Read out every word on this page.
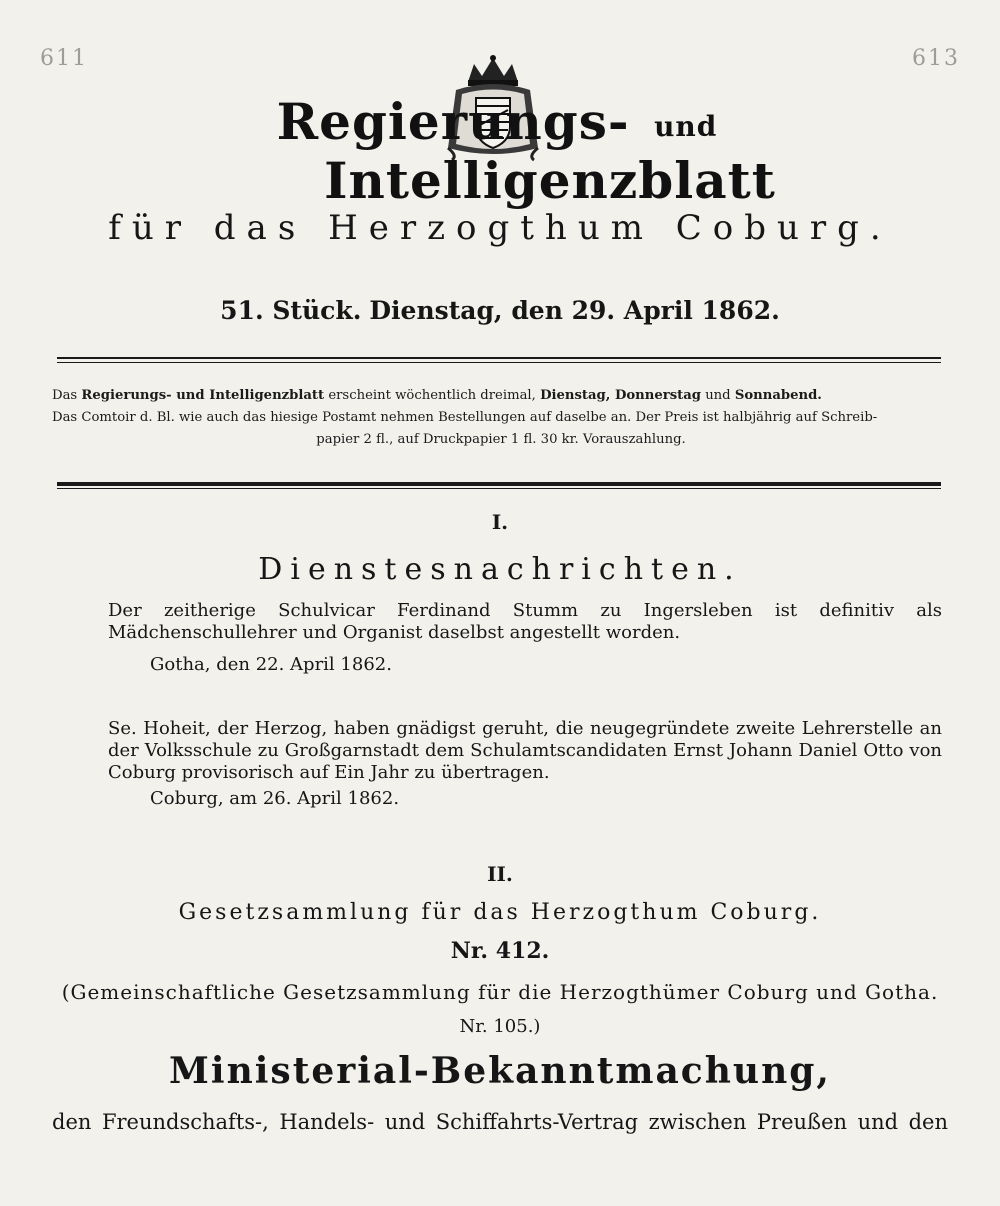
611	613
Regierungs- und Intelligenzblatt
für das Herzogthum Coburg.
51. Stück. Dienstag, den 29. April 1862.
Das Regierungs- und Intelligenzblatt erscheint wöchentlich dreimal, Dienstag, Donnerstag und Sonnabend.
Das Comtoir d. Bl. wie auch das hiesige Postamt nehmen Bestellungen auf daselbe an. Der Preis ist halbjährig auf Schreib-
papier 2 fl., auf Druckpapier 1 fl. 30 kr. Vorauszahlung.
I.
Dienstesnachrichten.
Der zeitherige Schulvicar Ferdinand Stumm zu Ingersleben ist definitiv als Mädchenschullehrer und Organist daselbst angestellt worden.
Gotha, den 22. April 1862.
Se. Hoheit, der Herzog, haben gnädigst geruht, die neugegründete zweite Lehrerstelle an der Volksschule zu Großgarnstadt dem Schulamtscandidaten Ernst Johann Daniel Otto von Coburg provisorisch auf Ein Jahr zu übertragen.
Coburg, am 26. April 1862.
II.
Gesetzsammlung für das Herzogthum Coburg.
Nr. 412.
(Gemeinschaftliche Gesetzsammlung für die Herzogthümer Coburg und Gotha.
Nr. 105.)
Ministerial-Bekanntmachung,
den Freundschafts-, Handels- und Schiffahrts-Vertrag zwischen Preußen und den
